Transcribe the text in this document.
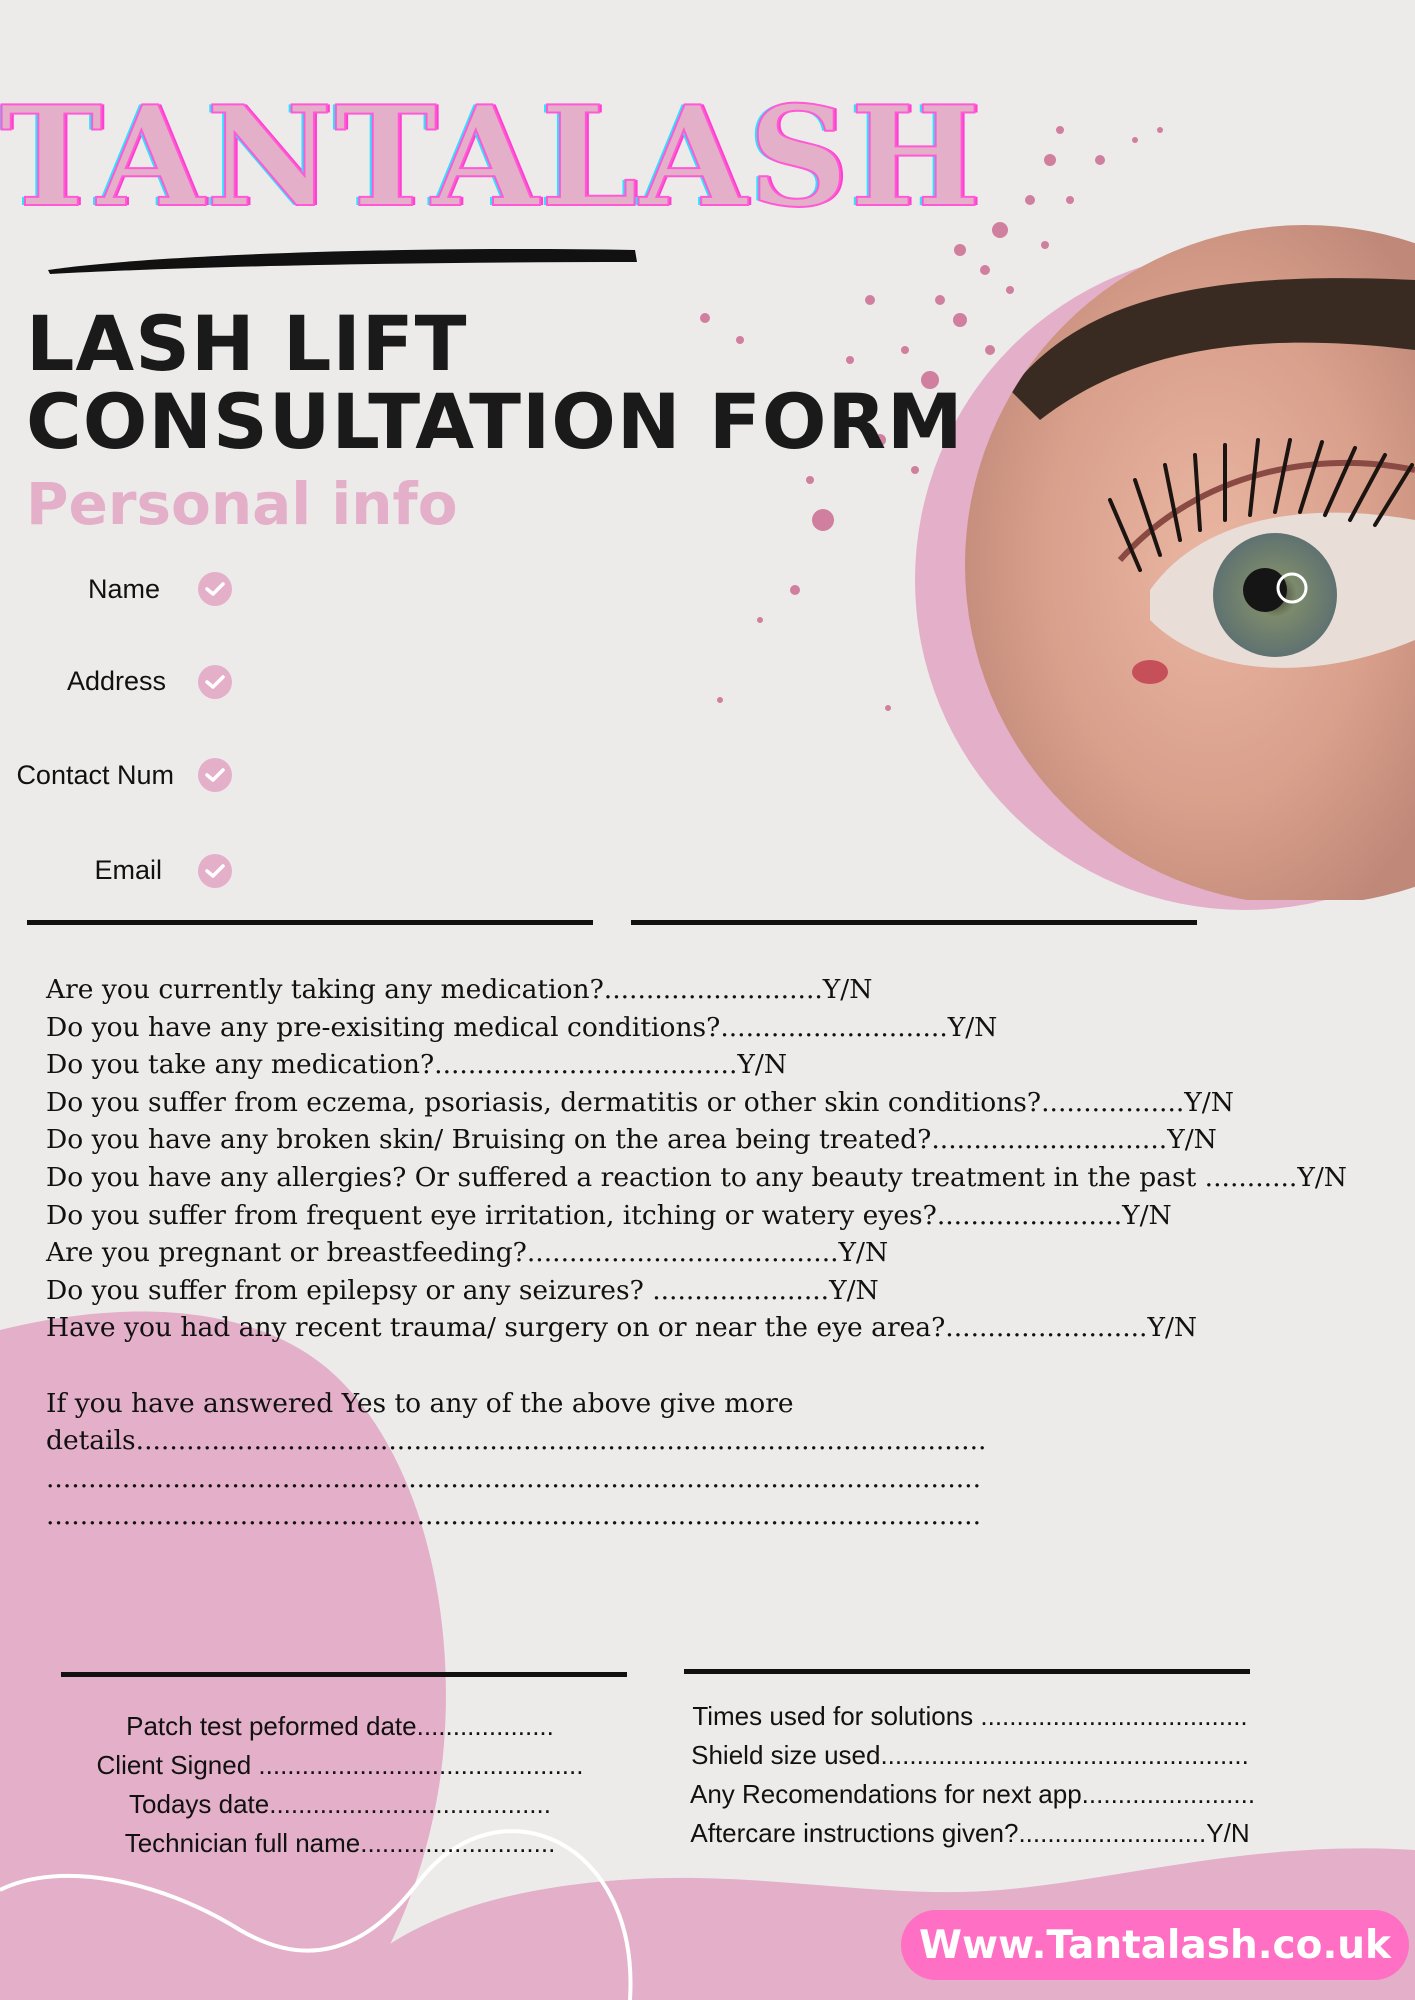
TANTALASH
LASH LIFT
CONSULTATION FORM
Personal info
Name
Address
Contact Num
Email
Are you currently taking any medication?..........................Y/N
Do you have any pre-exisiting medical conditions?...........................Y/N
Do you take any medication?....................................Y/N
Do you suffer from eczema, psoriasis, dermatitis or other skin conditions?.................Y/N
Do you have any broken skin/ Bruising on the area being treated?............................Y/N
Do you have any allergies? Or suffered a reaction to any beauty treatment in the past ...........Y/N
Do you suffer from frequent eye irritation, itching or watery eyes?......................Y/N
Are you pregnant or breastfeeding?.....................................Y/N
Do you suffer from epilepsy or any seizures? .....................Y/N
Have you had any recent trauma/ surgery on or near the eye area?........................Y/N
If you have answered Yes to any of the above give more
details.....................................................................................................
...............................................................................................................
...............................................................................................................
Patch test peformed date...................
Client Signed .............................................
Todays date.......................................
Technician full name...........................
Times used for solutions .....................................
Shield size used...................................................
Any Recomendations for next app........................
Aftercare instructions given?..........................Y/N
Www.Tantalash.co.uk
